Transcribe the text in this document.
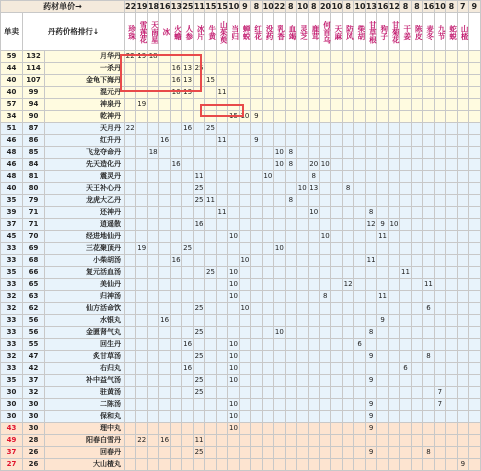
药材单价→			22	19	18	16	13	25	11	15	15	10	9	8	10	22	8	10	8	20	10	8	10	13	16	12	8	8	16	10	8	7	9
单卖	丹药价格排行↓		珍珠	雪莲花	天南星	冰	火蟾	人参	冰片	牛黄	山茱萸	当归	蝉蜕	红花	没药	乳香	血竭	灵芝	鹿茸	何首乌	天麻	防风	柴胡	甘草根	狗子	甘菊花	干姜	陈皮	麦冬	九节	蛇蜕	山楂	
59	132	月华丹	22	19	18																												
44	114	一杀丹					16	13	25																								
40	107	金龟下海丹					16	13		15																							
40	99	混元丹					16	13			11																						
57	94	神泉丹		19																													
34	90	乾神丹										15	10	9																			
51	87	天月丹	22					16		25																							
46	86	红升丹				16					11			9																			
48	85	飞龙夺命丹			18											10	8																
46	84	先天造化丹					16									10	8		20	10													
48	81	震灵丹							11						10				8														
40	80	天王补心丹							25									10	13			8											
35	79	龙虎大乙丹							25	11							8																
39	71	还神丹									11								10					8									
37	71	逍遥散							16															12	9	10							
45	70	经进地仙丹										10								10					11								
33	69	三花聚顶丹		19				25								10																	
33	68	小柴胡汤					16						10											11									
35	66	复元活血汤								25		10															11						
33	65	美仙丹										10										12							11				
32	63	归神汤										10								8					11								
32	62	仙方活命饮							25				10																6				
33	56	水银丸				16																			9								
33	56	金匮肾气丸							25							10								8									
33	55	回生丹						16				10											6										
32	47	炙甘草汤							25			10												9					8				
33	42	右归丸						16				10															6						
35	37	补中益气汤							25			10												9									
30	32	驻黄汤							25																					7			
30	30	二陈汤										10												9						7			
30	30	保和丸										10												9									
43	30	理中丸										10												9									
49	28	阳春白雪丹		22		16			11																								
37	26	回春丹							25															9					8				
27	26	大山楂丸																														9	
